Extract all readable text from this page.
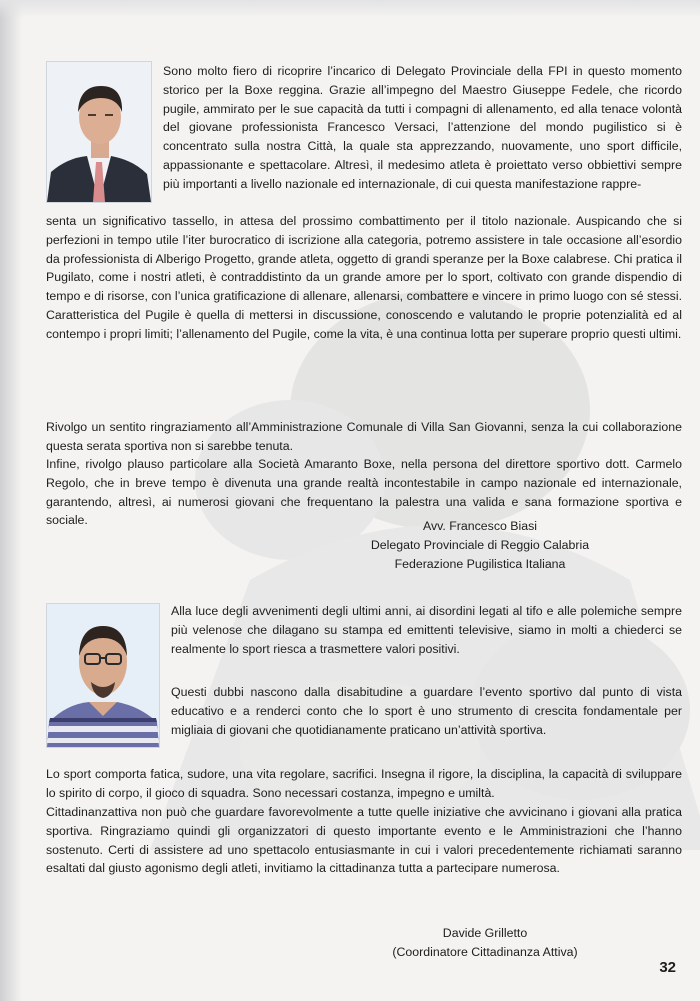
Sono molto fiero di ricoprire l’incarico di Delegato Provinciale della FPI in questo momento storico per la Boxe reggina. Grazie all’impegno del Maestro Giuseppe Fedele, che ricordo pugile, ammirato per le sue capacità da tutti i compagni di allenamento, ed alla tenace volontà del giovane professionista Francesco Versaci, l’attenzione del mondo pugilistico si è concentrato sulla nostra Città, la quale sta apprezzando, nuovamente, uno sport difficile, appassionante e spettacolare. Altresì, il medesimo atleta è proiettato verso obbiettivi sempre più importanti a livello nazionale ed internazionale, di cui questa manifestazione rappre-

senta un significativo tassello, in attesa del prossimo combattimento per il titolo nazionale. Auspicando che si perfezioni in tempo utile l’iter burocratico di iscrizione alla categoria, potremo assistere in tale occasione all’esordio da professionista di Alberigo Progetto, grande atleta, oggetto di grandi speranze per la Boxe calabrese. Chi pratica il Pugilato, come i nostri atleti, è contraddistinto da un grande amore per lo sport, coltivato con grande dispendio di tempo e di risorse, con l’unica gratificazione di allenare, allenarsi, combattere e vincere in primo luogo con sé stessi. Caratteristica del Pugile è quella di mettersi in discussione, conoscendo e valutando le proprie potenzialità ed al contempo i propri limiti; l’allenamento del Pugile, come la vita, è una continua lotta per superare proprio questi ultimi.

Rivolgo un sentito ringraziamento all’Amministrazione Comunale di Villa San Giovanni, senza la cui collaborazione questa serata sportiva non si sarebbe tenuta.

Infine, rivolgo plauso particolare alla Società Amaranto Boxe, nella persona del direttore sportivo dott. Carmelo Regolo, che in breve tempo è divenuta una grande realtà incontestabile in campo nazionale ed internazionale, garantendo, altresì, ai numerosi giovani che frequentano la palestra una valida e sana formazione sportiva e sociale.	Avv. Francesco Biasi
Delegato Provinciale di Reggio Calabria
Federazione Pugilistica Italiana

Alla luce degli avvenimenti degli ultimi anni, ai disordini legati al tifo e alle polemiche sempre più velenose che dilagano su stampa ed emittenti televisive, siamo in molti a chiederci se realmente lo sport riesca a trasmettere valori positivi.

Questi dubbi nascono dalla disabitudine a guardare l’evento sportivo dal punto di vista educativo e a renderci conto che lo sport è uno strumento di crescita fondamentale per migliaia di giovani che quotidianamente praticano un’attività sportiva.

Lo sport comporta fatica, sudore, una vita regolare, sacrifici. Insegna il rigore, la disciplina, la capacità di sviluppare lo spirito di corpo, il gioco di squadra. Sono necessari costanza, impegno e umiltà.

Cittadinanzattiva non può che guardare favorevolmente a tutte quelle iniziative che avvicinano i giovani alla pratica sportiva. Ringraziamo quindi gli organizzatori di questo importante evento e le Amministrazioni che l’hanno sostenuto. Certi di assistere ad uno spettacolo entusiasmante in cui i valori precedentemente richiamati saranno esaltati dal giusto agonismo degli atleti, invitiamo la cittadinanza tutta a partecipare numerosa.

Davide Grilletto
(Coordinatore Cittadinanza Attiva)
32
